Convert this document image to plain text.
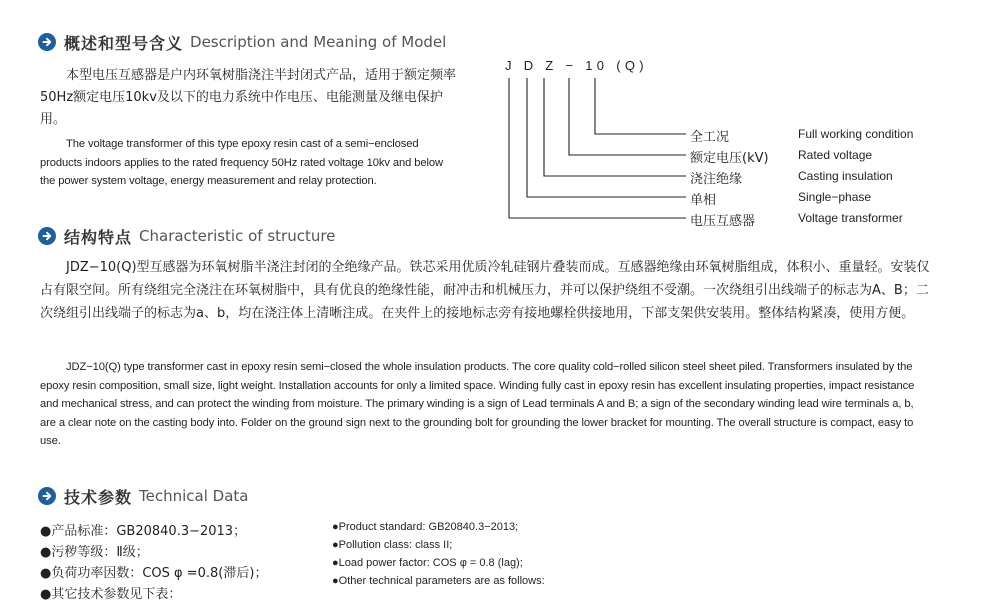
概述和型号含义 Description and Meaning of Model

本型电压互感器是户内环氧树脂浇注半封闭式产品，适用于额定频率50Hz额定电压10kv及以下的电力系统中作电压、电能测量及继电保护用。

The voltage transformer of this type epoxy resin cast of a semi−enclosed products indoors applies to the rated frequency 50Hz rated voltage 10kv and below the power system voltage, energy measurement and relay protection.

J D Z − 10 (Q)
全工况	Full working condition
额定电压(kV) Rated voltage
浇注绝缘	Casting insulation
单相	Single−phase
电压互感器	Voltage transformer
结构特点 Characteristic of structure

JDZ−10(Q)型互感器为环氧树脂半浇注封闭的全绝缘产品。铁芯采用优质冷轧硅钢片叠装而成。互感器绝缘由环氧树脂组成，体积小、重量轻。安装仅占有限空间。所有绕组完全浇注在环氧树脂中，具有优良的绝缘性能，耐冲击和机械压力，并可以保护绕组不受潮。一次绕组引出线端子的标志为A、B；二次绕组引出线端子的标志为a、b，均在浇注体上清晰注成。在夹件上的接地标志旁有接地螺栓供接地用，下部支架供安装用。整体结构紧凑，使用方便。

JDZ−10(Q) type transformer cast in epoxy resin semi−closed the whole insulation products. The core quality cold−rolled silicon steel sheet piled. Transformers insulated by the epoxy resin composition, small size, light weight. Installation accounts for only a limited space. Winding fully cast in epoxy resin has excellent insulating properties, impact resistance and mechanical stress, and can protect the winding from moisture. The primary winding is a sign of Lead terminals A and B; a sign of the secondary winding lead wire terminals a, b, are a clear note on the casting body into. Folder on the ground sign next to the grounding bolt for grounding the lower bracket for mounting. The overall structure is compact, easy to use.

技术参数 Technical Data
●产品标准：GB20840.3−2013；
●污秽等级：Ⅱ级；
●负荷功率因数：COS φ =0.8(滞后)；
●其它技术参数见下表：
●Product standard: GB20840.3−2013;
●Pollution class: class II;
●Load power factor: COS φ = 0.8 (lag);
●Other technical parameters are as follows:
